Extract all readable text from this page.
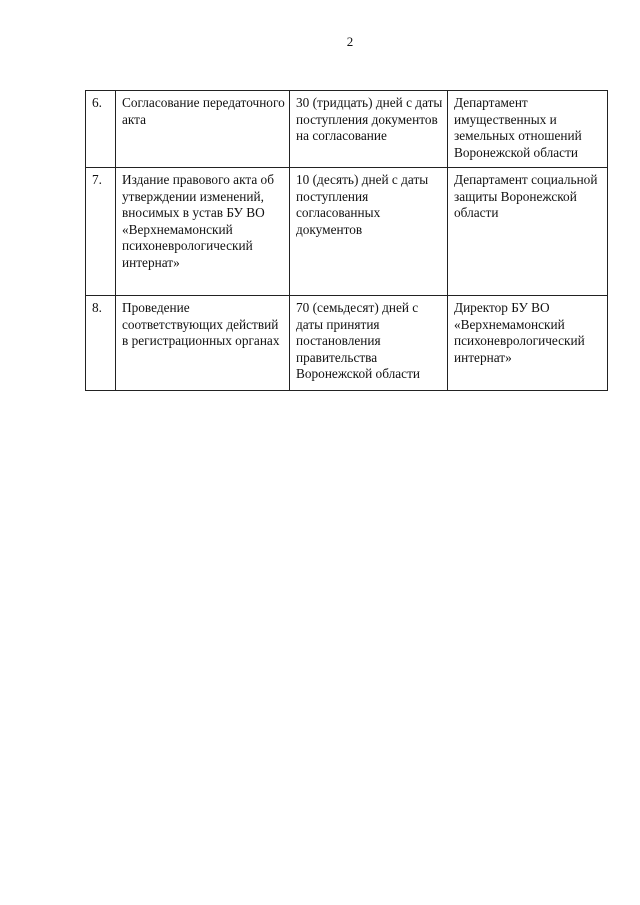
2
6.	Согласование передаточного акта	30 (тридцать) дней с даты поступления документов на согласование	Департамент имущественных и земельных отношений Воронежской области
7.	Издание правового акта об утверждении изменений, вносимых в устав БУ ВО «Верхнемамонский психоневрологический интернат»	10 (десять) дней с даты поступления согласованных документов	Департамент социальной защиты Воронежской области
8.	Проведение соответствующих действий в регистрационных органах	70 (семьдесят) дней с даты принятия постановления правительства Воронежской области	Директор БУ ВО «Верхнемамонский психоневрологический интернат»
